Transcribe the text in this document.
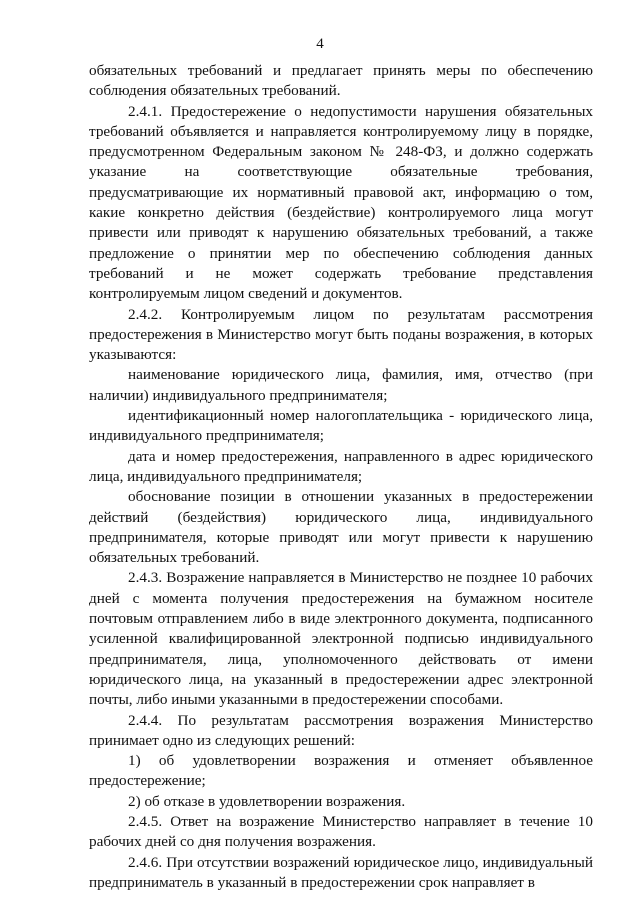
4

обязательных требований и предлагает принять меры по обеспечению соблюдения обязательных требований.

2.4.1. Предостережение о недопустимости нарушения обязательных требований объявляется и направляется контролируемому лицу в порядке, предусмотренном Федеральным законом № 248-ФЗ, и должно содержать указание на соответствующие обязательные требования, предусматривающие их нормативный правовой акт, информацию о том, какие конкретно действия (бездействие) контролируемого лица могут привести или приводят к нарушению обязательных требований, а также предложение о принятии мер по обеспечению соблюдения данных требований и не может содержать требование представления контролируемым лицом сведений и документов.

2.4.2. Контролируемым лицом по результатам рассмотрения предостережения в Министерство могут быть поданы возражения, в которых указываются:

наименование юридического лица, фамилия, имя, отчество (при наличии) индивидуального предпринимателя;

идентификационный номер налогоплательщика - юридического лица, индивидуального предпринимателя;

дата и номер предостережения, направленного в адрес юридического лица, индивидуального предпринимателя;

обоснование позиции в отношении указанных в предостережении действий (бездействия) юридического лица, индивидуального предпринимателя, которые приводят или могут привести к нарушению обязательных требований.

2.4.3. Возражение направляется в Министерство не позднее 10 рабочих дней с момента получения предостережения на бумажном носителе почтовым отправлением либо в виде электронного документа, подписанного усиленной квалифицированной электронной подписью индивидуального предпринимателя, лица, уполномоченного действовать от имени юридического лица, на указанный в предостережении адрес электронной почты, либо иными указанными в предостережении способами.

2.4.4. По результатам рассмотрения возражения Министерство принимает одно из следующих решений:

1) об удовлетворении возражения и отменяет объявленное предостережение;

2) об отказе в удовлетворении возражения.

2.4.5. Ответ на возражение Министерство направляет в течение 10 рабочих дней со дня получения возражения.

2.4.6. При отсутствии возражений юридическое лицо, индивидуальный предприниматель в указанный в предостережении срок направляет в
